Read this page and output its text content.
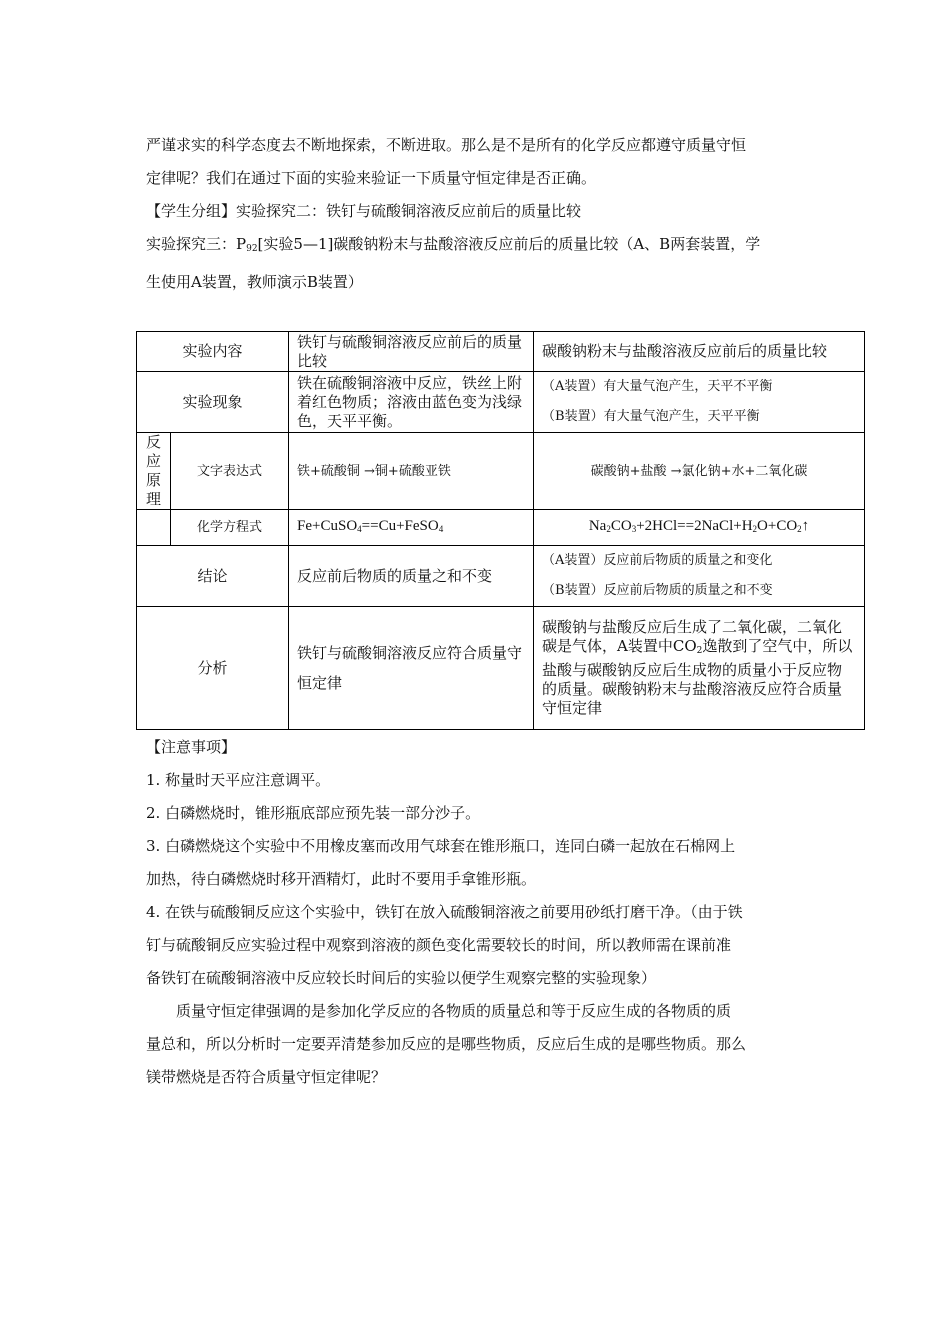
严谨求实的科学态度去不断地探索，不断进取。那么是不是所有的化学反应都遵守质量守恒
定律呢？我们在通过下面的实验来验证一下质量守恒定律是否正确。
【学生分组】实验探究二：铁钉与硫酸铜溶液反应前后的质量比较
实验探究三：$P_{92}$[实验5—1]碳酸钠粉末与盐酸溶液反应前后的质量比较（A、B两套装置，学
生使用A装置，教师演示B装置）
实验内容		铁钉与硫酸铜溶液反应前后的质量比较	碳酸钠粉末与盐酸溶液反应前后的质量比较
实验现象		铁在硫酸铜溶液中反应，铁丝上附着红色物质；溶液由蓝色变为浅绿色，天平平衡。	（A装置）有大量气泡产生，天平不平衡
（B装置）有大量气泡产生，天平平衡

反
应
原
理	文字表达式	铁+硫酸铜 →铜+硫酸亚铁	碳酸钠+盐酸 →氯化钠+水+二氧化碳
	化学方程式	Fe+CuSO$_4$==Cu+FeSO$_4$	$Na_2CO_3+2HCl==2NaCl+H_2O+CO_2↑$
结论		反应前后物质的质量之和不变	（A装置）反应前后物质的质量之和变化
（B装置）反应前后物质的质量之和不变

分析		铁钉与硫酸铜溶液反应符合质量守恒定律	碳酸钠与盐酸反应后生成了二氧化碳，二氧化碳是气体，A装置中$CO_2$逸散到了空气中，所以盐酸与碳酸钠反应后生成物的质量小于反应物的质量。碳酸钠粉末与盐酸溶液反应符合质量守恒定律
【注意事项】
1. 称量时天平应注意调平。
2. 白磷燃烧时，锥形瓶底部应预先装一部分沙子。
3. 白磷燃烧这个实验中不用橡皮塞而改用气球套在锥形瓶口，连同白磷一起放在石棉网上
加热，待白磷燃烧时移开酒精灯，此时不要用手拿锥形瓶。
4. 在铁与硫酸铜反应这个实验中，铁钉在放入硫酸铜溶液之前要用砂纸打磨干净。（由于铁
钉与硫酸铜反应实验过程中观察到溶液的颜色变化需要较长的时间，所以教师需在课前准
备铁钉在硫酸铜溶液中反应较长时间后的实验以便学生观察完整的实验现象）
质量守恒定律强调的是参加化学反应的各物质的质量总和等于反应生成的各物质的质
量总和，所以分析时一定要弄清楚参加反应的是哪些物质，反应后生成的是哪些物质。那么
镁带燃烧是否符合质量守恒定律呢？
